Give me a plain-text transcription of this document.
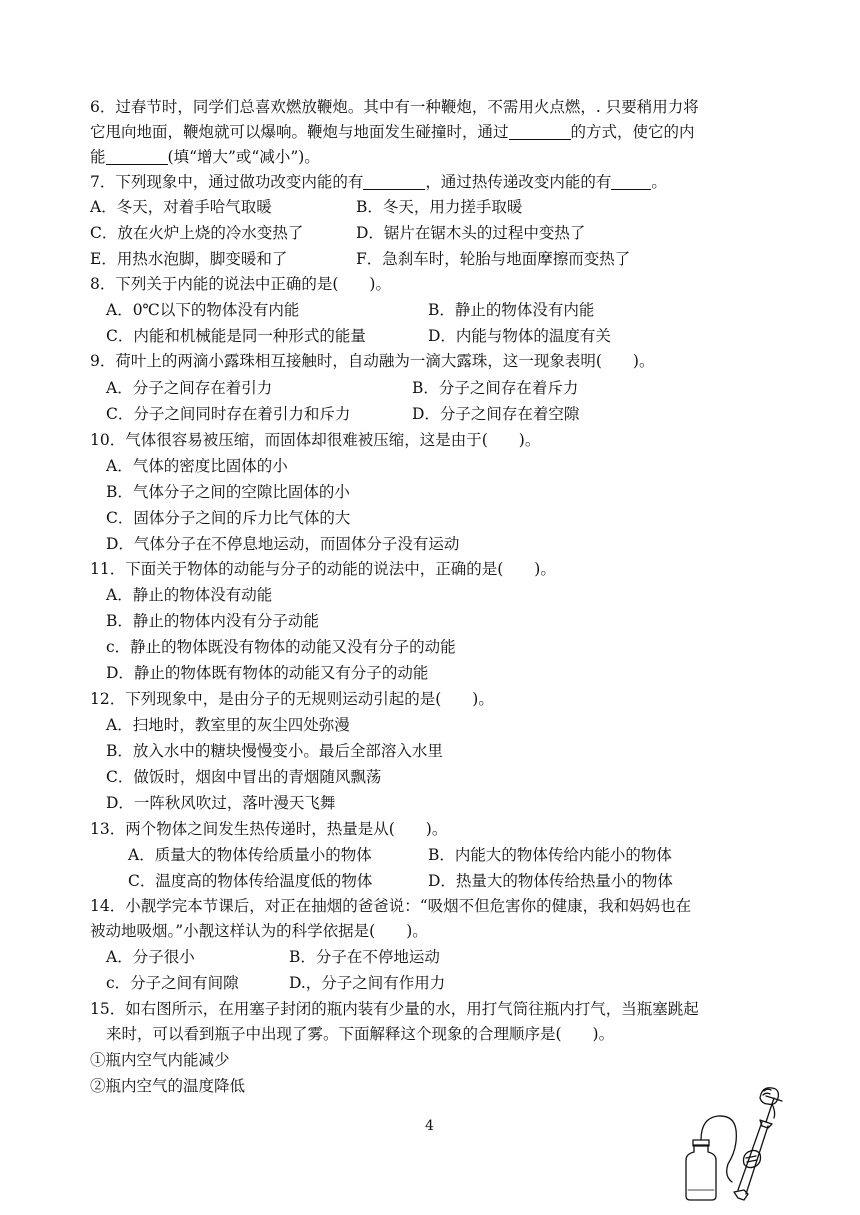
6．过春节时，同学们总喜欢燃放鞭炮。其中有一种鞭炮，不需用火点燃，. 只要稍用力将
它甩向地面，鞭炮就可以爆响。鞭炮与地面发生碰撞时，通过	的方式，使它的内
能	(填“增大”或“减小”)。
7．下列现象中，通过做功改变内能的有	，通过热传递改变内能的有	。
A．冬天，对着手哈气取暖	B．冬天，用力搓手取暖
C．放在火炉上烧的冷水变热了	D．锯片在锯木头的过程中变热了
E．用热水泡脚，脚变暖和了	F．急刹车时，轮胎与地面摩擦而变热了
8．下列关于内能的说法中正确的是(　　)。
A．0℃以下的物体没有内能	B．静止的物体没有内能
C．内能和机械能是同一种形式的能量	D．内能与物体的温度有关
9．荷叶上的两滴小露珠相互接触时，自动融为一滴大露珠，这一现象表明(　　)。
A．分子之间存在着引力	B．分子之间存在着斥力
C．分子之间同时存在着引力和斥力	D．分子之间存在着空隙
10．气体很容易被压缩，而固体却很难被压缩，这是由于(　　)。
A．气体的密度比固体的小
B．气体分子之间的空隙比固体的小
C．固体分子之间的斥力比气体的大
D．气体分子在不停息地运动，而固体分子没有运动
11．下面关于物体的动能与分子的动能的说法中，正确的是(　　)。
A．静止的物体没有动能
B．静止的物体内没有分子动能
c．静止的物体既没有物体的动能又没有分子的动能
D．静止的物体既有物体的动能又有分子的动能
12．下列现象中，是由分子的无规则运动引起的是(　　)。
A．扫地时，教室里的灰尘四处弥漫
B．放入水中的糖块慢慢变小。最后全部溶入水里
C．做饭时，烟囱中冒出的青烟随风飘荡
D．一阵秋风吹过，落叶漫天飞舞
13．两个物体之间发生热传递时，热量是从(　　)。
A．质量大的物体传给质量小的物体	B．内能大的物体传给内能小的物体
C．温度高的物体传给温度低的物体	D．热量大的物体传给热量小的物体
14．小靓学完本节课后，对正在抽烟的爸爸说：“吸烟不但危害你的健康，我和妈妈也在
被动地吸烟。”小靓这样认为的科学依据是(　　)。
A．分子很小	B．分子在不停地运动
c．分子之间有间隙	D.，分子之间有作用力
15．如右图所示，在用塞子封闭的瓶内装有少量的水，用打气筒往瓶内打气，当瓶塞跳起
来时，可以看到瓶子中出现了雾。下面解释这个现象的合理顺序是(　　)。
①瓶内空气内能减少
②瓶内空气的温度降低
4
